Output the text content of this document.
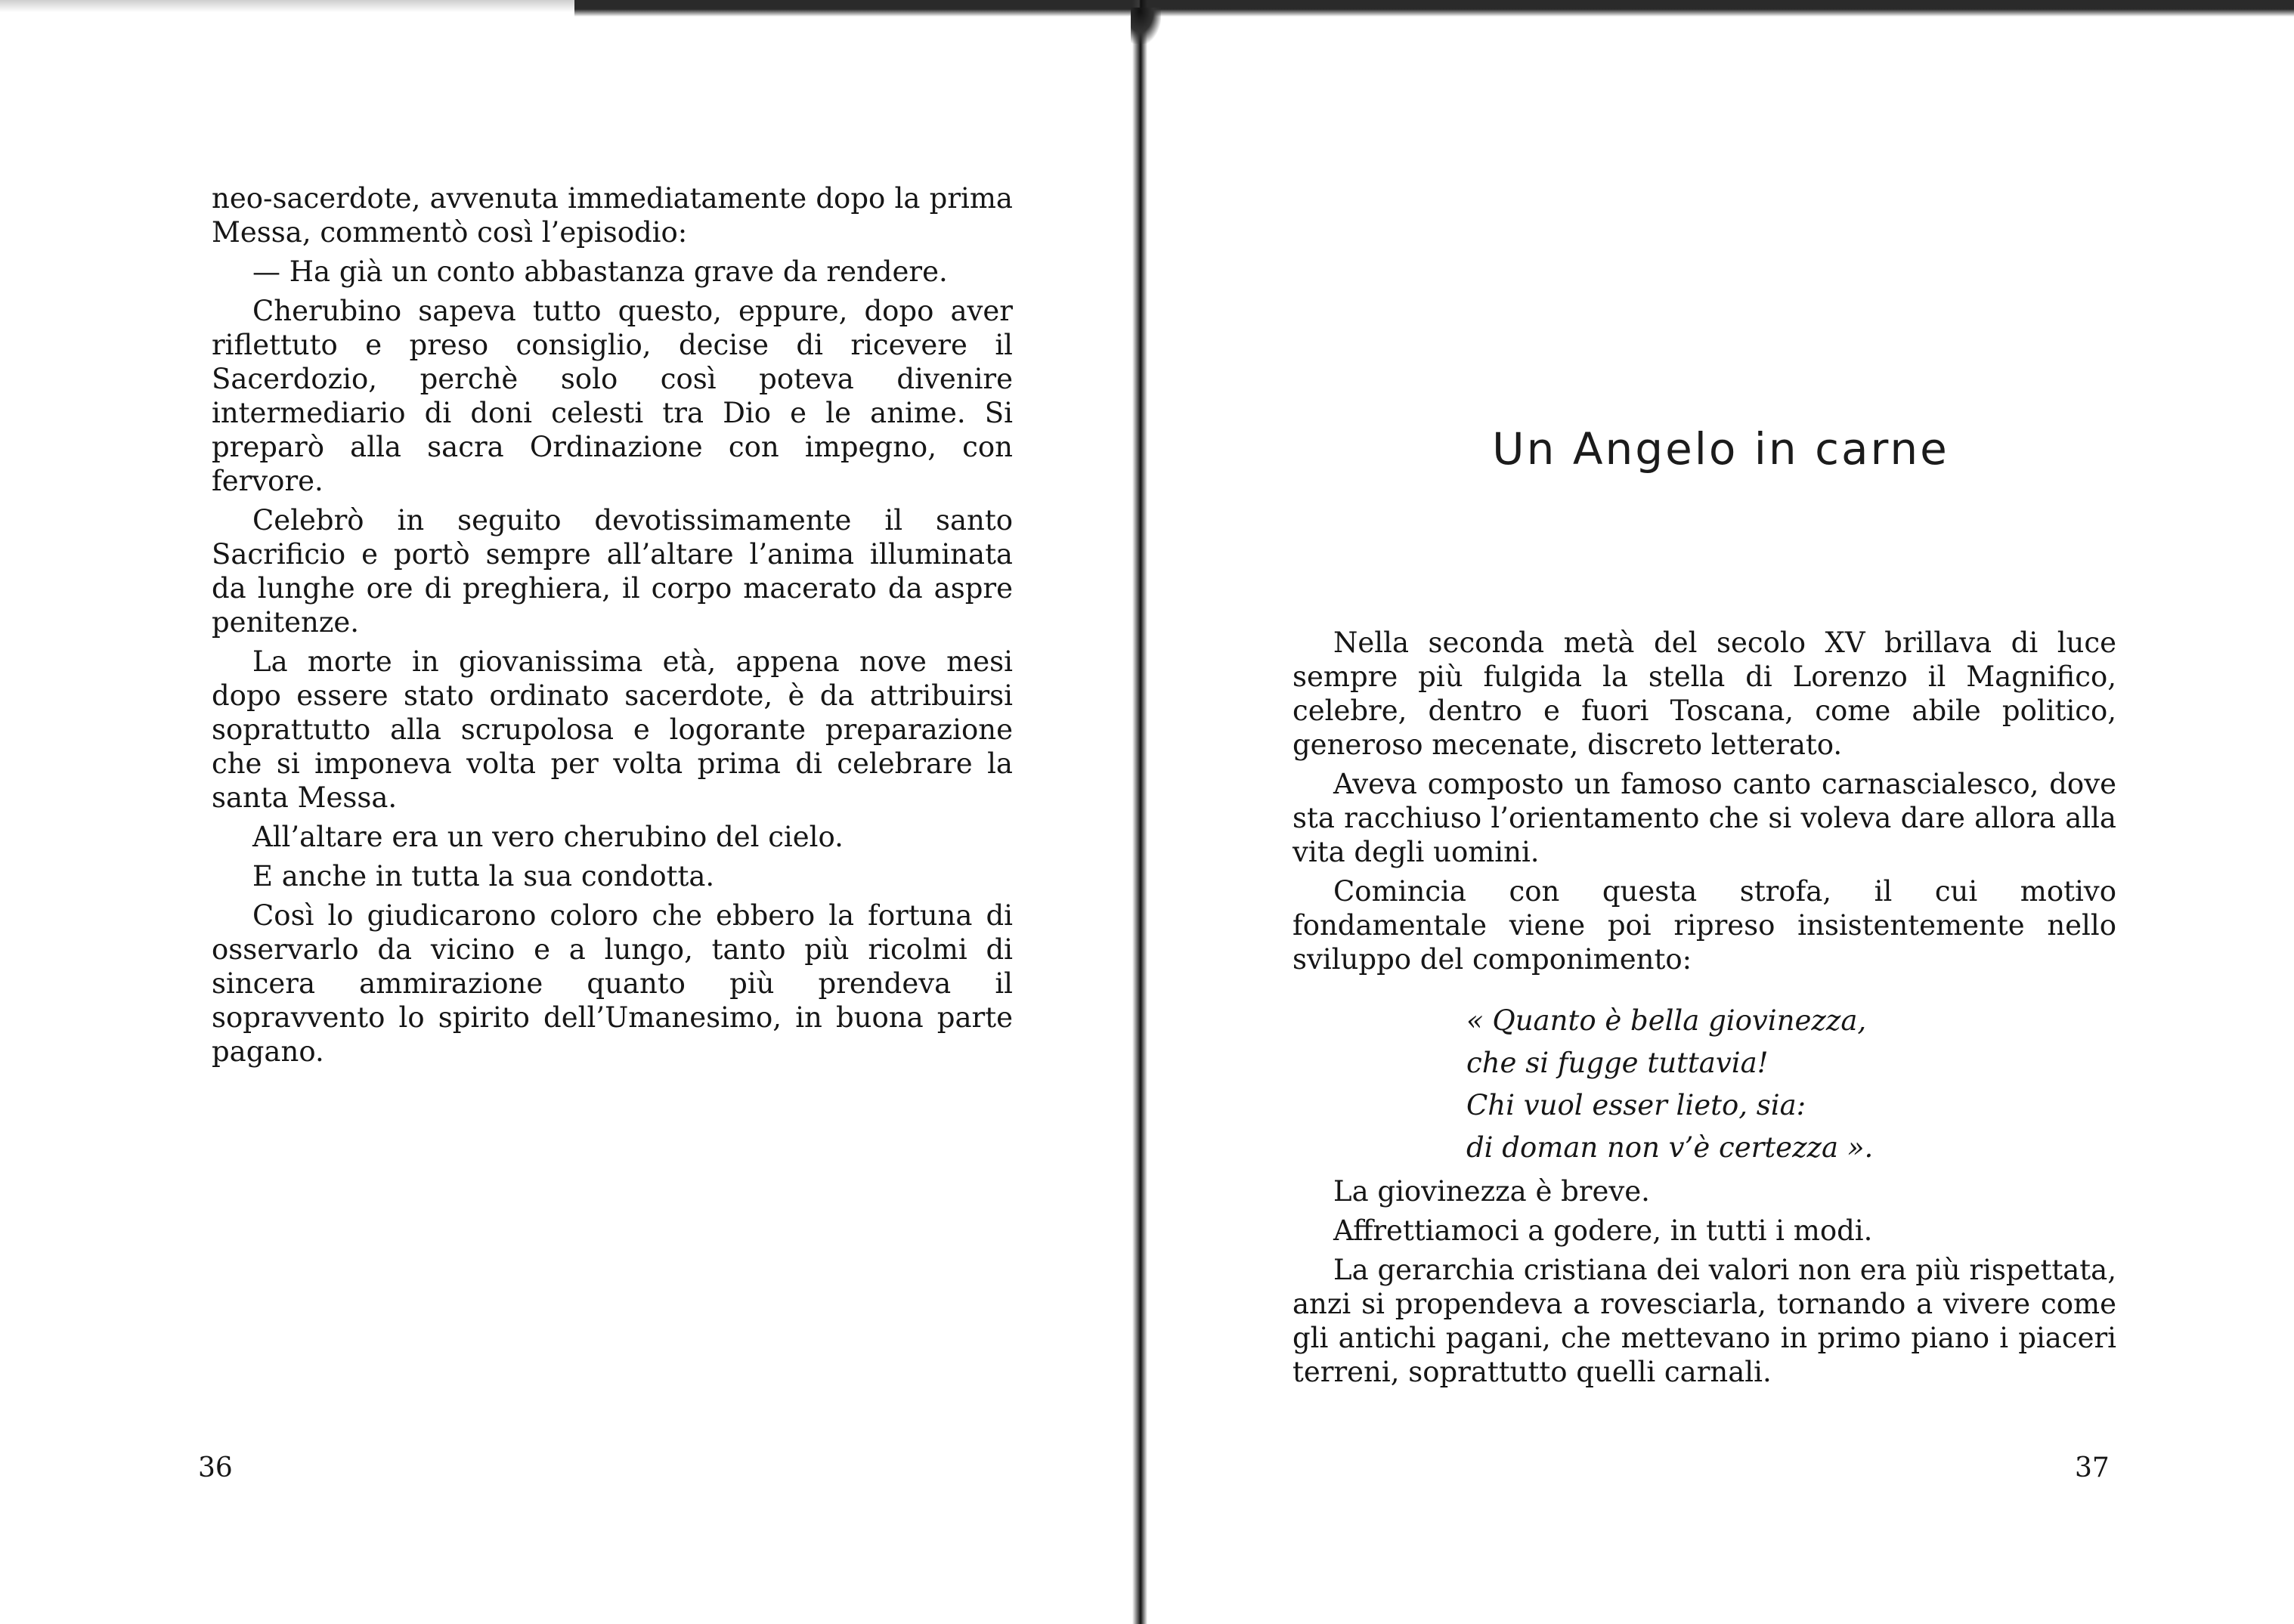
neo-sacerdote, avvenuta immediatamente dopo la prima Messa, commentò così l’episodio:

— Ha già un conto abbastanza grave da rendere.

Cherubino sapeva tutto questo, eppure, dopo aver riflettuto e preso consiglio, decise di ricevere il Sacerdozio, perchè solo così poteva divenire intermediario di doni celesti tra Dio e le anime. Si preparò alla sacra Ordinazione con impegno, con fervore.

Celebrò in seguito devotissimamente il santo Sacrificio e portò sempre all’altare l’anima illuminata da lunghe ore di preghiera, il corpo macerato da aspre penitenze.

La morte in giovanissima età, appena nove mesi dopo essere stato ordinato sacerdote, è da attribuirsi soprattutto alla scrupolosa e logorante preparazione che si imponeva volta per volta prima di celebrare la santa Messa.

All’altare era un vero cherubino del cielo.

E anche in tutta la sua condotta.

Così lo giudicarono coloro che ebbero la fortuna di osservarlo da vicino e a lungo, tanto più ricolmi di sincera ammirazione quanto più prendeva il sopravvento lo spirito dell’Umanesimo, in buona parte pagano.

36
Un Angelo in carne

Nella seconda metà del secolo XV brillava di luce sempre più fulgida la stella di Lorenzo il Magnifico, celebre, dentro e fuori Toscana, come abile politico, generoso mecenate, discreto letterato.

Aveva composto un famoso canto carnascialesco, dove sta racchiuso l’orientamento che si voleva dare allora alla vita degli uomini.

Comincia con questa strofa, il cui motivo fondamentale viene poi ripreso insistentemente nello sviluppo del componimento:

« Quanto è bella giovinezza,
che si fugge tuttavia!
Chi vuol esser lieto, sia:
di doman non v’è certezza ».

La giovinezza è breve.

Affrettiamoci a godere, in tutti i modi.

La gerarchia cristiana dei valori non era più rispettata, anzi si propendeva a rovesciarla, tornando a vivere come gli antichi pagani, che mettevano in primo piano i piaceri terreni, soprattutto quelli carnali.

37
